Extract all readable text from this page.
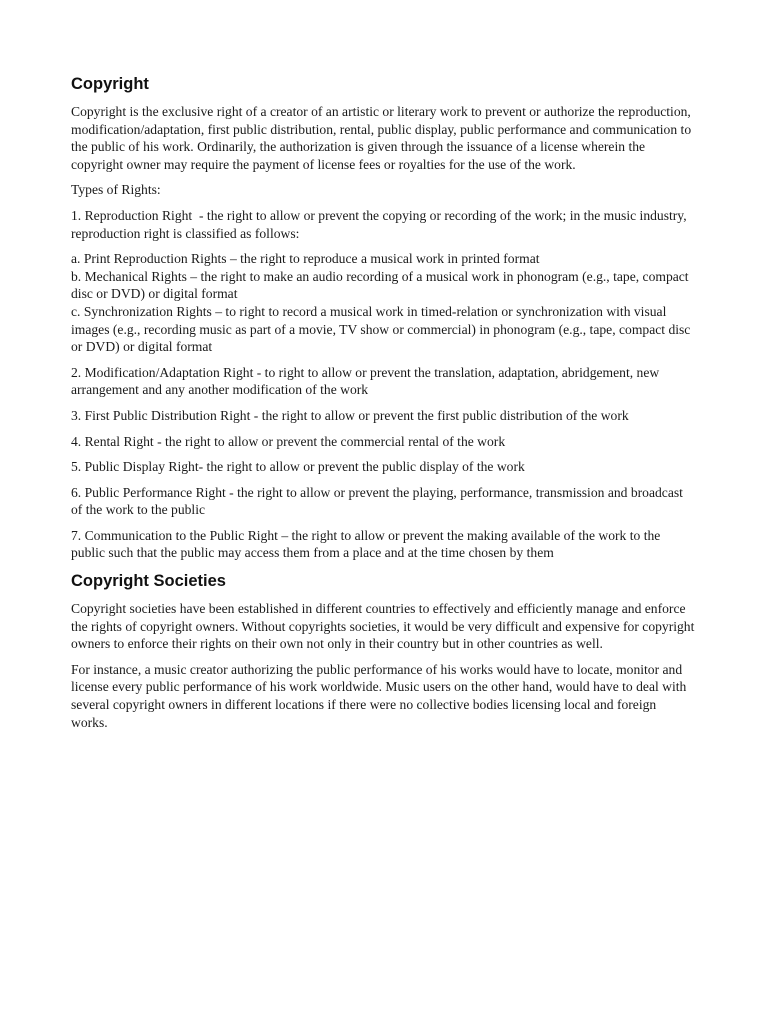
Copyright

Copyright is the exclusive right of a creator of an artistic or literary work to prevent or authorize the reproduction, modification/adaptation, first public distribution, rental, public display, public performance and communication to the public of his work. Ordinarily, the authorization is given through the issuance of a license wherein the copyright owner may require the payment of license fees or royalties for the use of the work.

Types of Rights:

1. Reproduction Right  - the right to allow or prevent the copying or recording of the work; in the music industry, reproduction right is classified as follows:

a. Print Reproduction Rights – the right to reproduce a musical work in printed format

b. Mechanical Rights – the right to make an audio recording of a musical work in phonogram (e.g., tape, compact disc or DVD) or digital format

c. Synchronization Rights – to right to record a musical work in timed-relation or synchronization with visual images (e.g., recording music as part of a movie, TV show or commercial) in phonogram (e.g., tape, compact disc or DVD) or digital format

2. Modification/Adaptation Right - to right to allow or prevent the translation, adaptation, abridgement, new arrangement and any another modification of the work

3. First Public Distribution Right - the right to allow or prevent the first public distribution of the work

4. Rental Right - the right to allow or prevent the commercial rental of the work

5. Public Display Right- the right to allow or prevent the public display of the work

6. Public Performance Right - the right to allow or prevent the playing, performance, transmission and broadcast of the work to the public

7. Communication to the Public Right – the right to allow or prevent the making available of the work to the public such that the public may access them from a place and at the time chosen by them

Copyright Societies

Copyright societies have been established in different countries to effectively and efficiently manage and enforce the rights of copyright owners. Without copyrights societies, it would be very difficult and expensive for copyright owners to enforce their rights on their own not only in their country but in other countries as well.

For instance, a music creator authorizing the public performance of his works would have to locate, monitor and license every public performance of his work worldwide. Music users on the other hand, would have to deal with several copyright owners in different locations if there were no collective bodies licensing local and foreign works.
